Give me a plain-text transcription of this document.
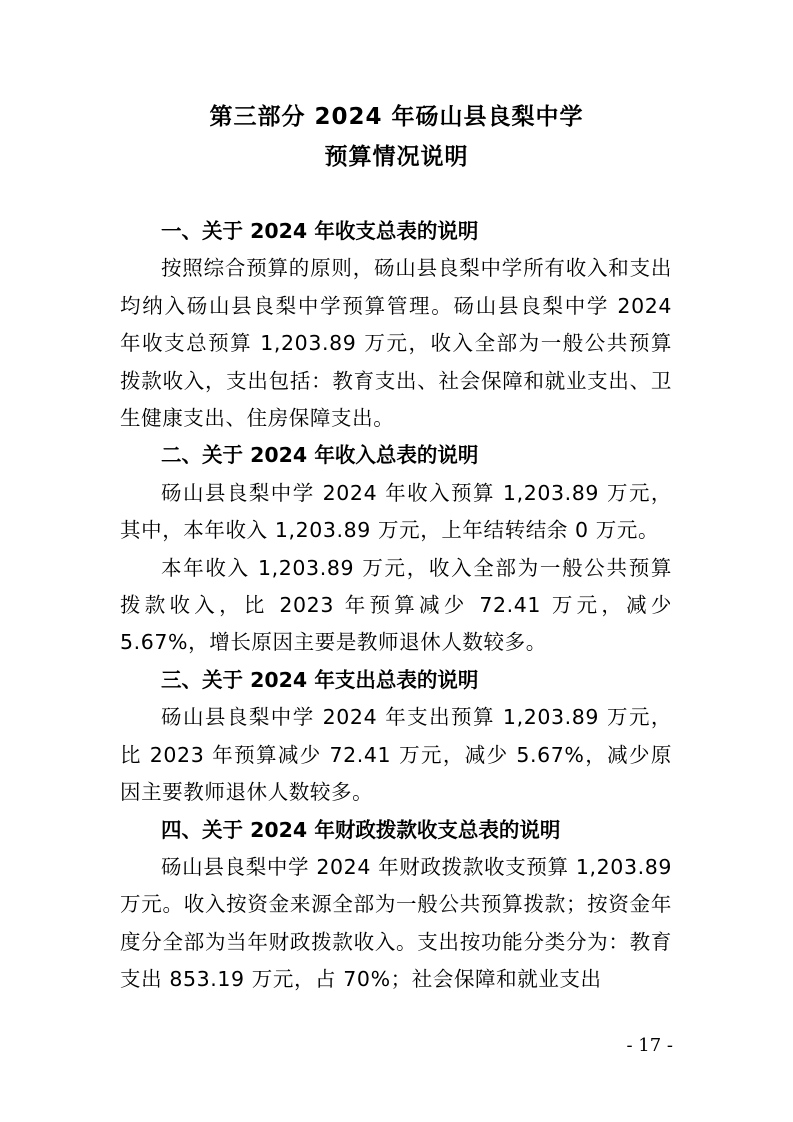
第三部分 2024 年砀山县良梨中学
预算情况说明

一、关于 2024 年收支总表的说明

按照综合预算的原则，砀山县良梨中学所有收入和支出均纳入砀山县良梨中学预算管理。砀山县良梨中学 2024 年收支总预算 1,203.89 万元，收入全部为一般公共预算拨款收入，支出包括：教育支出、社会保障和就业支出、卫生健康支出、住房保障支出。

二、关于 2024 年收入总表的说明

砀山县良梨中学 2024 年收入预算 1,203.89 万元，其中，本年收入 1,203.89 万元，上年结转结余 0 万元。

本年收入 1,203.89 万元，收入全部为一般公共预算拨款收入，比 2023 年预算减少 72.41 万元，减少 5.67%，增长原因主要是教师退休人数较多。

三、关于 2024 年支出总表的说明

砀山县良梨中学 2024 年支出预算 1,203.89 万元，比 2023 年预算减少 72.41 万元，减少 5.67%，减少原因主要教师退休人数较多。

四、关于 2024 年财政拨款收支总表的说明

砀山县良梨中学 2024 年财政拨款收支预算 1,203.89 万元。收入按资金来源全部为一般公共预算拨款；按资金年度分全部为当年财政拨款收入。支出按功能分类分为：教育支出 853.19 万元，占 70%；社会保障和就业支出

- 17 -
